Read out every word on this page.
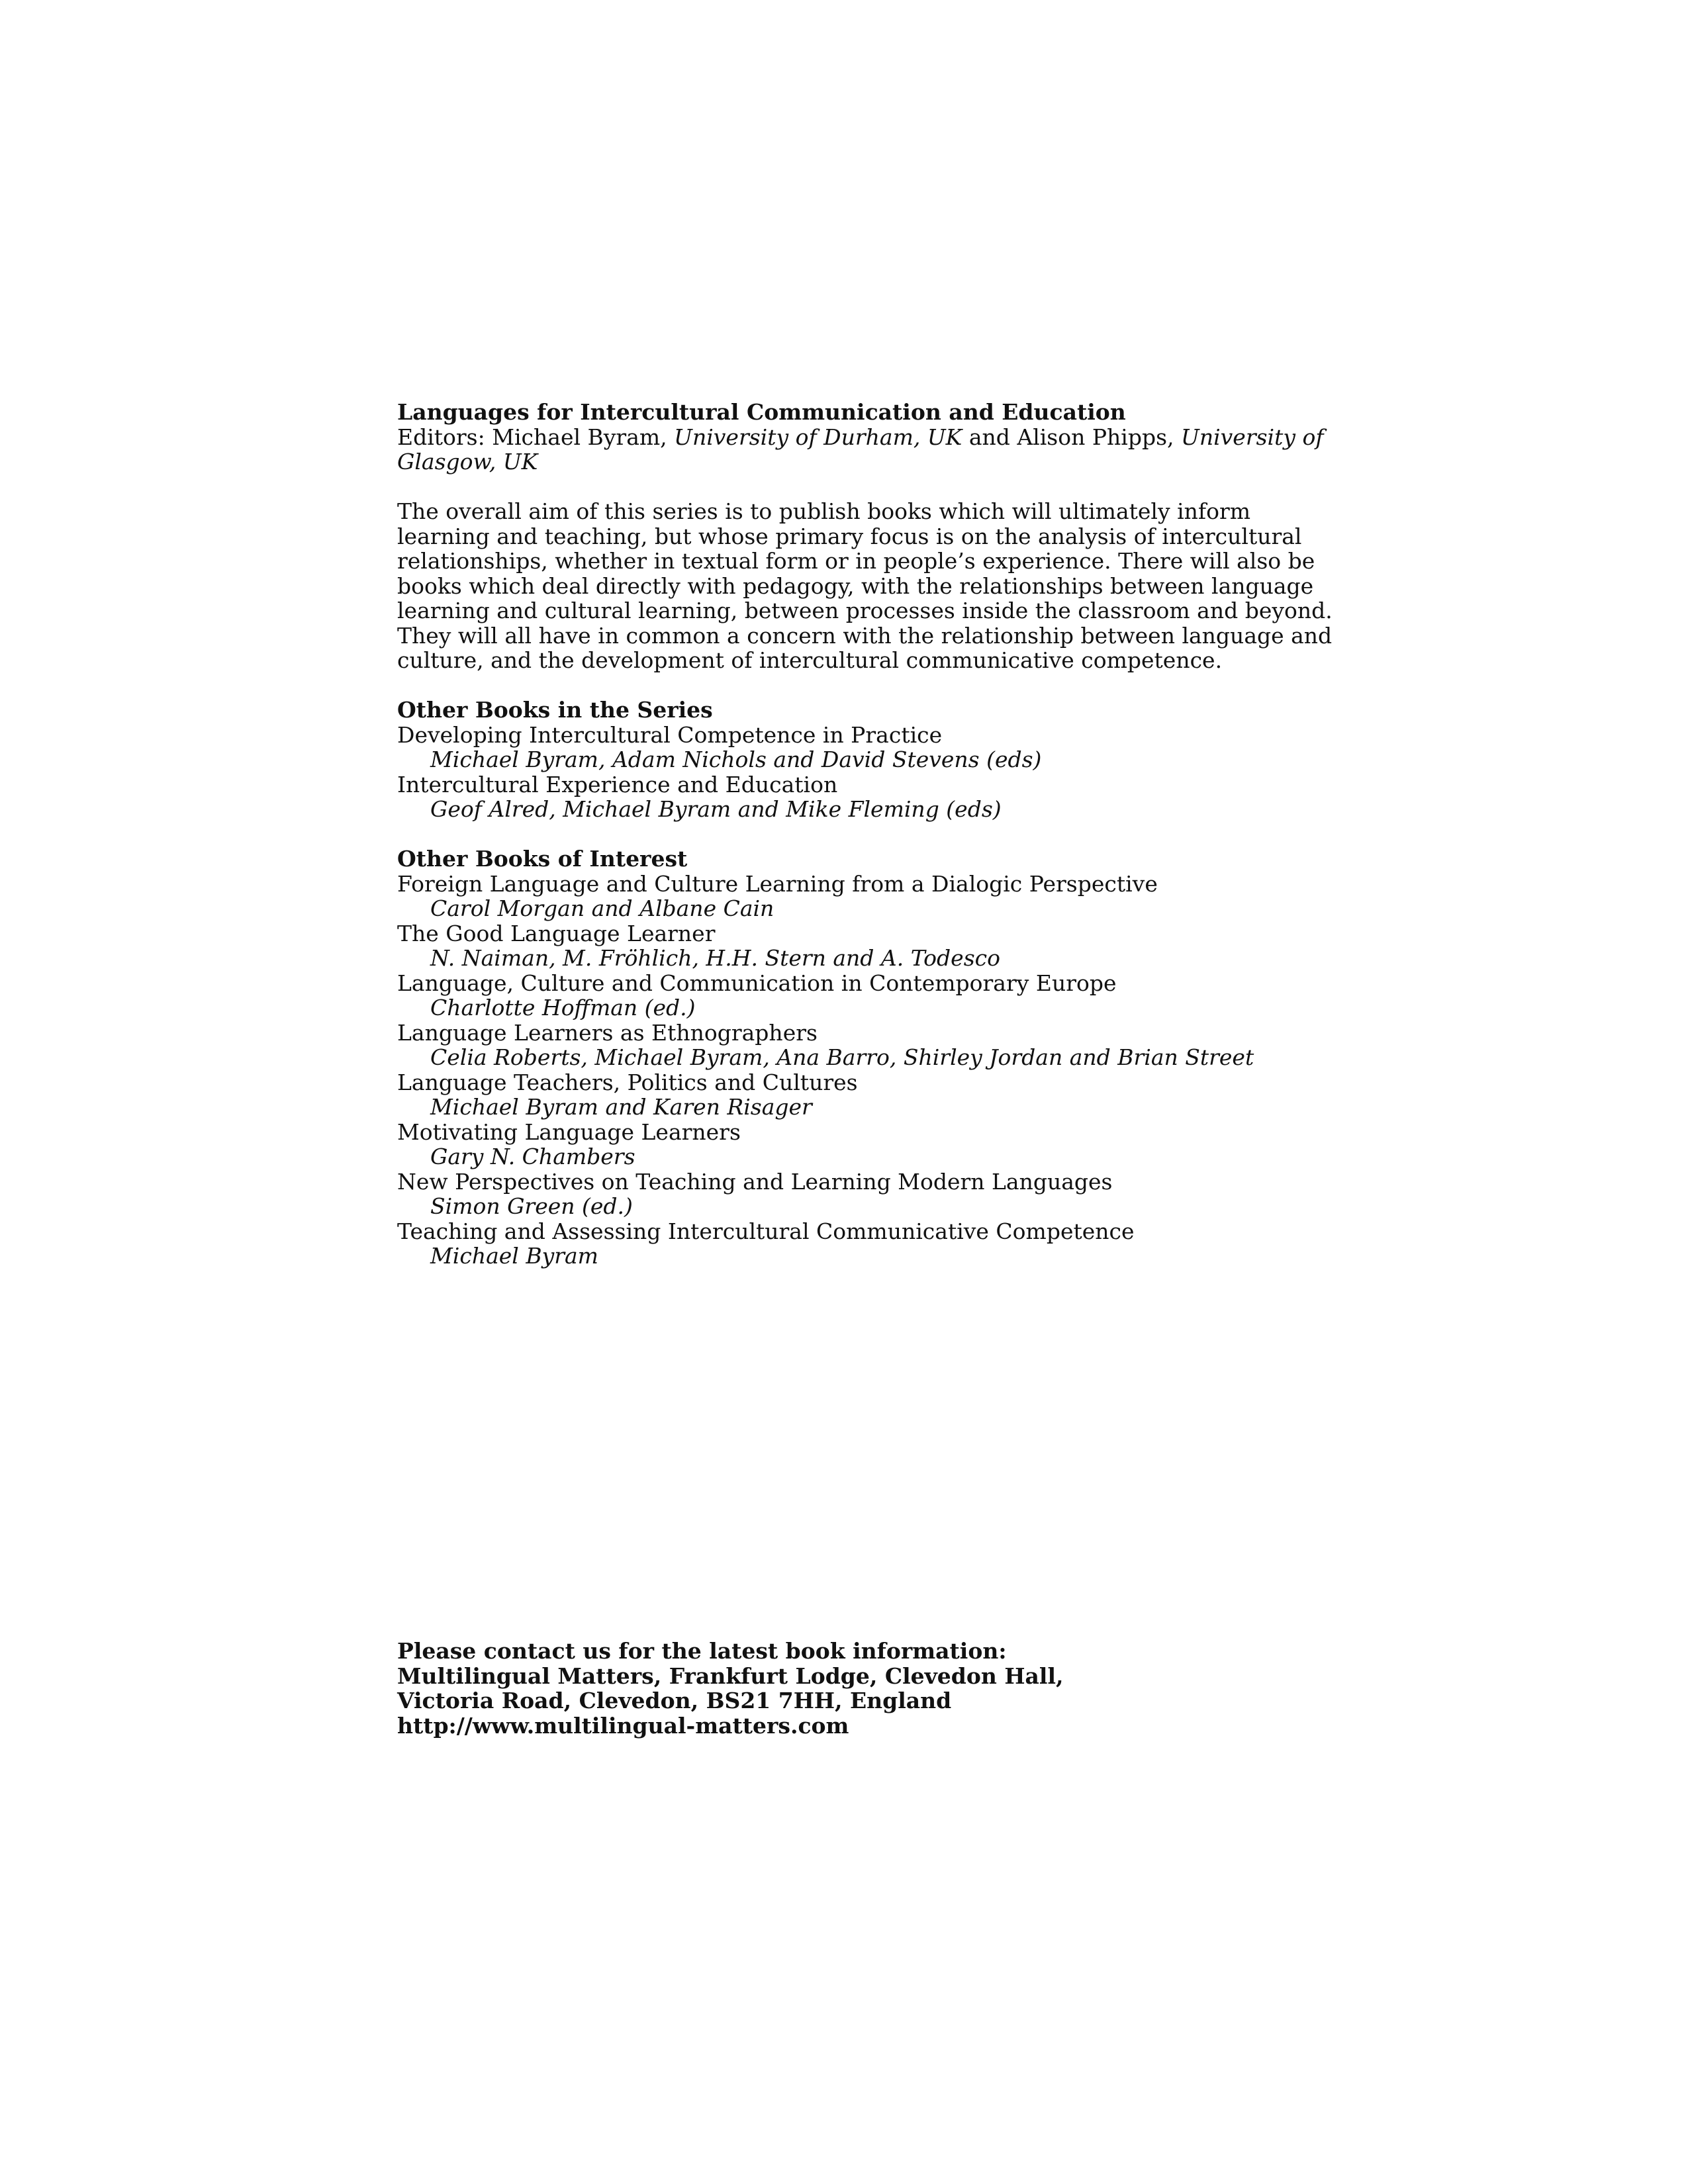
Languages for Intercultural Communication and Education
Editors: Michael Byram, University of Durham, UK and Alison Phipps, University of
Glasgow, UK
The overall aim of this series is to publish books which will ultimately inform
learning and teaching, but whose primary focus is on the analysis of intercultural
relationships, whether in textual form or in people’s experience. There will also be
books which deal directly with pedagogy, with the relationships between language
learning and cultural learning, between processes inside the classroom and beyond.
They will all have in common a concern with the relationship between language and
culture, and the development of intercultural communicative competence.
Other Books in the Series
Developing Intercultural Competence in Practice
Michael Byram, Adam Nichols and David Stevens (eds)
Intercultural Experience and Education
Geof Alred, Michael Byram and Mike Fleming (eds)
Other Books of Interest
Foreign Language and Culture Learning from a Dialogic Perspective
Carol Morgan and Albane Cain
The Good Language Learner
N. Naiman, M. Fröhlich, H.H. Stern and A. Todesco
Language, Culture and Communication in Contemporary Europe
Charlotte Hoffman (ed.)
Language Learners as Ethnographers
Celia Roberts, Michael Byram, Ana Barro, Shirley Jordan and Brian Street
Language Teachers, Politics and Cultures
Michael Byram and Karen Risager
Motivating Language Learners
Gary N. Chambers
New Perspectives on Teaching and Learning Modern Languages
Simon Green (ed.)
Teaching and Assessing Intercultural Communicative Competence
Michael Byram
Please contact us for the latest book information:
Multilingual Matters, Frankfurt Lodge, Clevedon Hall,
Victoria Road, Clevedon, BS21 7HH, England
http://www.multilingual-matters.com
